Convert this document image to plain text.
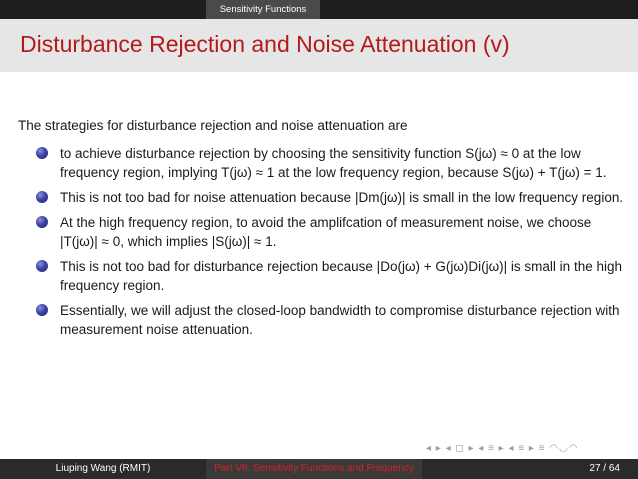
Sensitivity Functions
Disturbance Rejection and Noise Attenuation (v)
The strategies for disturbance rejection and noise attenuation are
to achieve disturbance rejection by choosing the sensitivity function S(jω) ≈ 0 at the low frequency region, implying T(jω) ≈ 1 at the low frequency region, because S(jω) + T(jω) = 1.
This is not too bad for noise attenuation because |Dm(jω)| is small in the low frequency region.
At the high frequency region, to avoid the amplifcation of measurement noise, we choose |T(jω)| ≈ 0, which implies |S(jω)| ≈ 1.
This is not too bad for disturbance rejection because |Do(jω) + G(jω)Di(jω)| is small in the high frequency region.
Essentially, we will adjust the closed-loop bandwidth to compromise disturbance rejection with measurement noise attenuation.
◂ ▸ ◂ ◻ ▸ ◂ ≡ ▸ ◂ ≡ ▸ ≡ ◠◡◠
Liuping Wang (RMIT)	Part VII: Sensitivity Functions and Frequency	27 / 64
